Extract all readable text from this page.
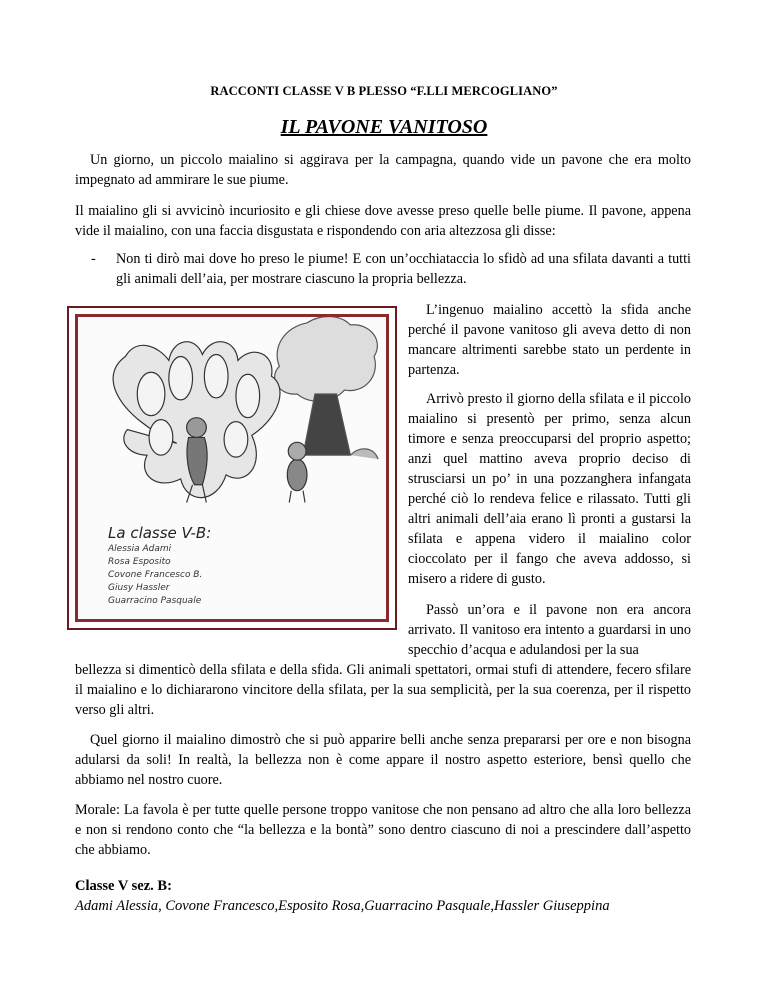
RACCONTI CLASSE V B PLESSO “F.LLI MERCOGLIANO”
IL PAVONE VANITOSO

Un giorno, un piccolo maialino si aggirava per la campagna, quando vide un pavone che era molto impegnato ad ammirare le sue piume.

Il maialino gli si avvicinò incuriosito e gli chiese dove avesse preso quelle belle piume. Il pavone, appena vide il maialino, con una faccia disgustata e rispondendo con aria altezzosa gli disse:

- Non ti dirò mai dove ho preso le piume! E con un’occhiataccia lo sfidò ad una sfilata davanti a tutti gli animali dell’aia, per mostrare ciascuno la propria bellezza.
La classe V-B:
Alessia Adami
Rosa Esposito
Covone Francesco B.
Giusy Hassler
Guarracino Pasquale

L’ingenuo maialino accettò la sfida anche perché il pavone vanitoso gli aveva detto di non mancare altrimenti sarebbe stato un perdente in partenza.

Arrivò presto il giorno della sfilata e il piccolo maialino si presentò per primo, senza alcun timore e senza preoccuparsi del proprio aspetto; anzi quel mattino aveva proprio deciso di strusciarsi un po’ in una pozzanghera infangata perché ciò lo rendeva felice e rilassato. Tutti gli altri animali dell’aia erano lì pronti a gustarsi la sfilata e appena videro il maialino color cioccolato per il fango che aveva addosso, si misero a ridere di gusto.

Passò un’ora e il pavone non era ancora arrivato. Il vanitoso era intento a guardarsi in uno specchio d’acqua e adulandosi per la sua

bellezza si dimenticò della sfilata e della sfida. Gli animali spettatori, ormai stufi di attendere, fecero sfilare il maialino e lo dichiararono vincitore della sfilata, per la sua semplicità, per la sua coerenza, per il rispetto verso gli altri.

Quel giorno il maialino dimostrò che si può apparire belli anche senza prepararsi per ore e non bisogna adularsi da soli! In realtà, la bellezza non è come appare il nostro aspetto esteriore, bensì quello che abbiamo nel nostro cuore.

Morale: La favola è per tutte quelle persone troppo vanitose che non pensano ad altro che alla loro bellezza e non si rendono conto che “la bellezza e la bontà” sono dentro ciascuno di noi a prescindere dall’aspetto che abbiamo.

Classe V sez. B:
Adami Alessia, Covone Francesco,Esposito Rosa,Guarracino Pasquale,Hassler Giuseppina
